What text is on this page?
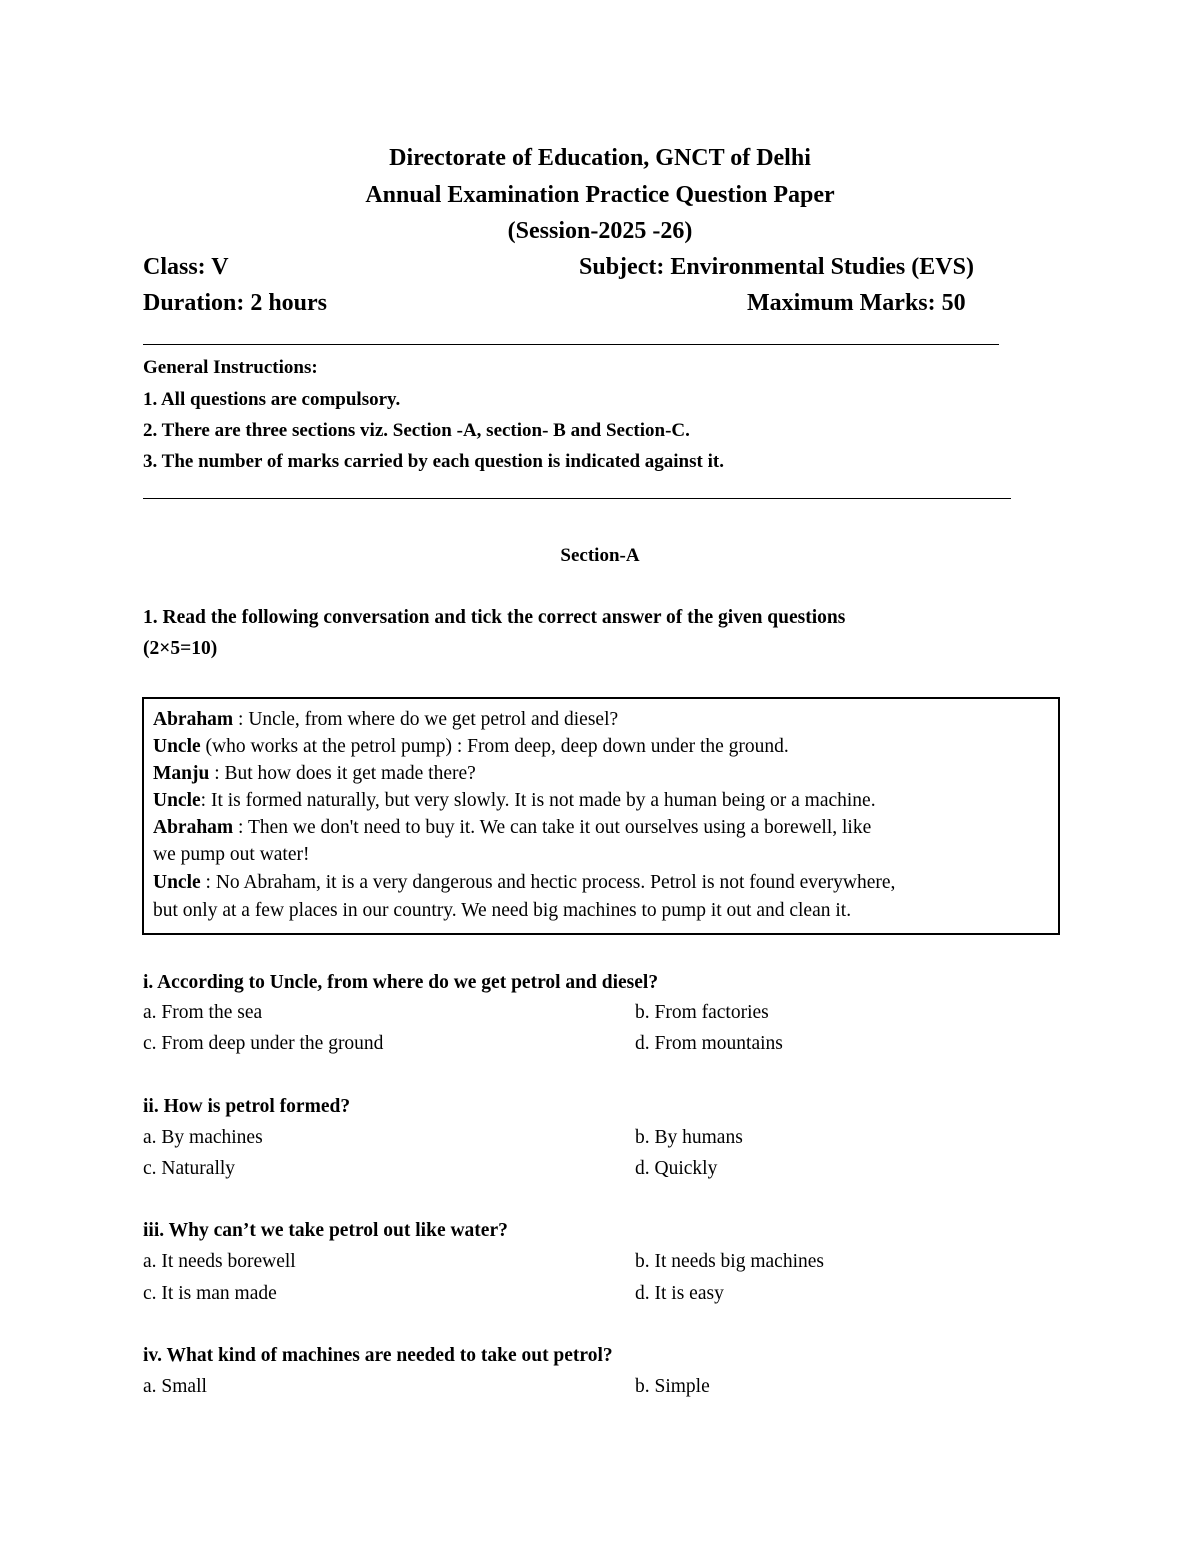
Directorate of Education, GNCT of Delhi
Annual Examination Practice Question Paper
(Session-2025 -26)
Class: V	Subject: Environmental Studies (EVS)
Duration: 2 hours	Maximum Marks: 50
General Instructions:
1. All questions are compulsory.
2. There are three sections viz. Section -A, section- B and Section-C.
3. The number of marks carried by each question is indicated against it.
Section-A
1. Read the following conversation and tick the correct answer of the given questions
(2×5=10)
Abraham : Uncle, from where do we get petrol and diesel?
Uncle (who works at the petrol pump) : From deep, deep down under the ground.
Manju : But how does it get made there?
Uncle: It is formed naturally, but very slowly. It is not made by a human being or a machine.
Abraham : Then we don't need to buy it. We can take it out ourselves using a borewell, like
we pump out water!
Uncle : No Abraham, it is a very dangerous and hectic process. Petrol is not found everywhere,
but only at a few places in our country. We need big machines to pump it out and clean it.
i. According to Uncle, from where do we get petrol and diesel?
a. From the sea	b. From factories
c. From deep under the ground	d. From mountains
ii. How is petrol formed?
a. By machines	b. By humans
c. Naturally	d. Quickly
iii. Why can’t we take petrol out like water?
a. It needs borewell	b. It needs big machines
c. It is man made	d. It is easy
iv. What kind of machines are needed to take out petrol?
a. Small	b. Simple
